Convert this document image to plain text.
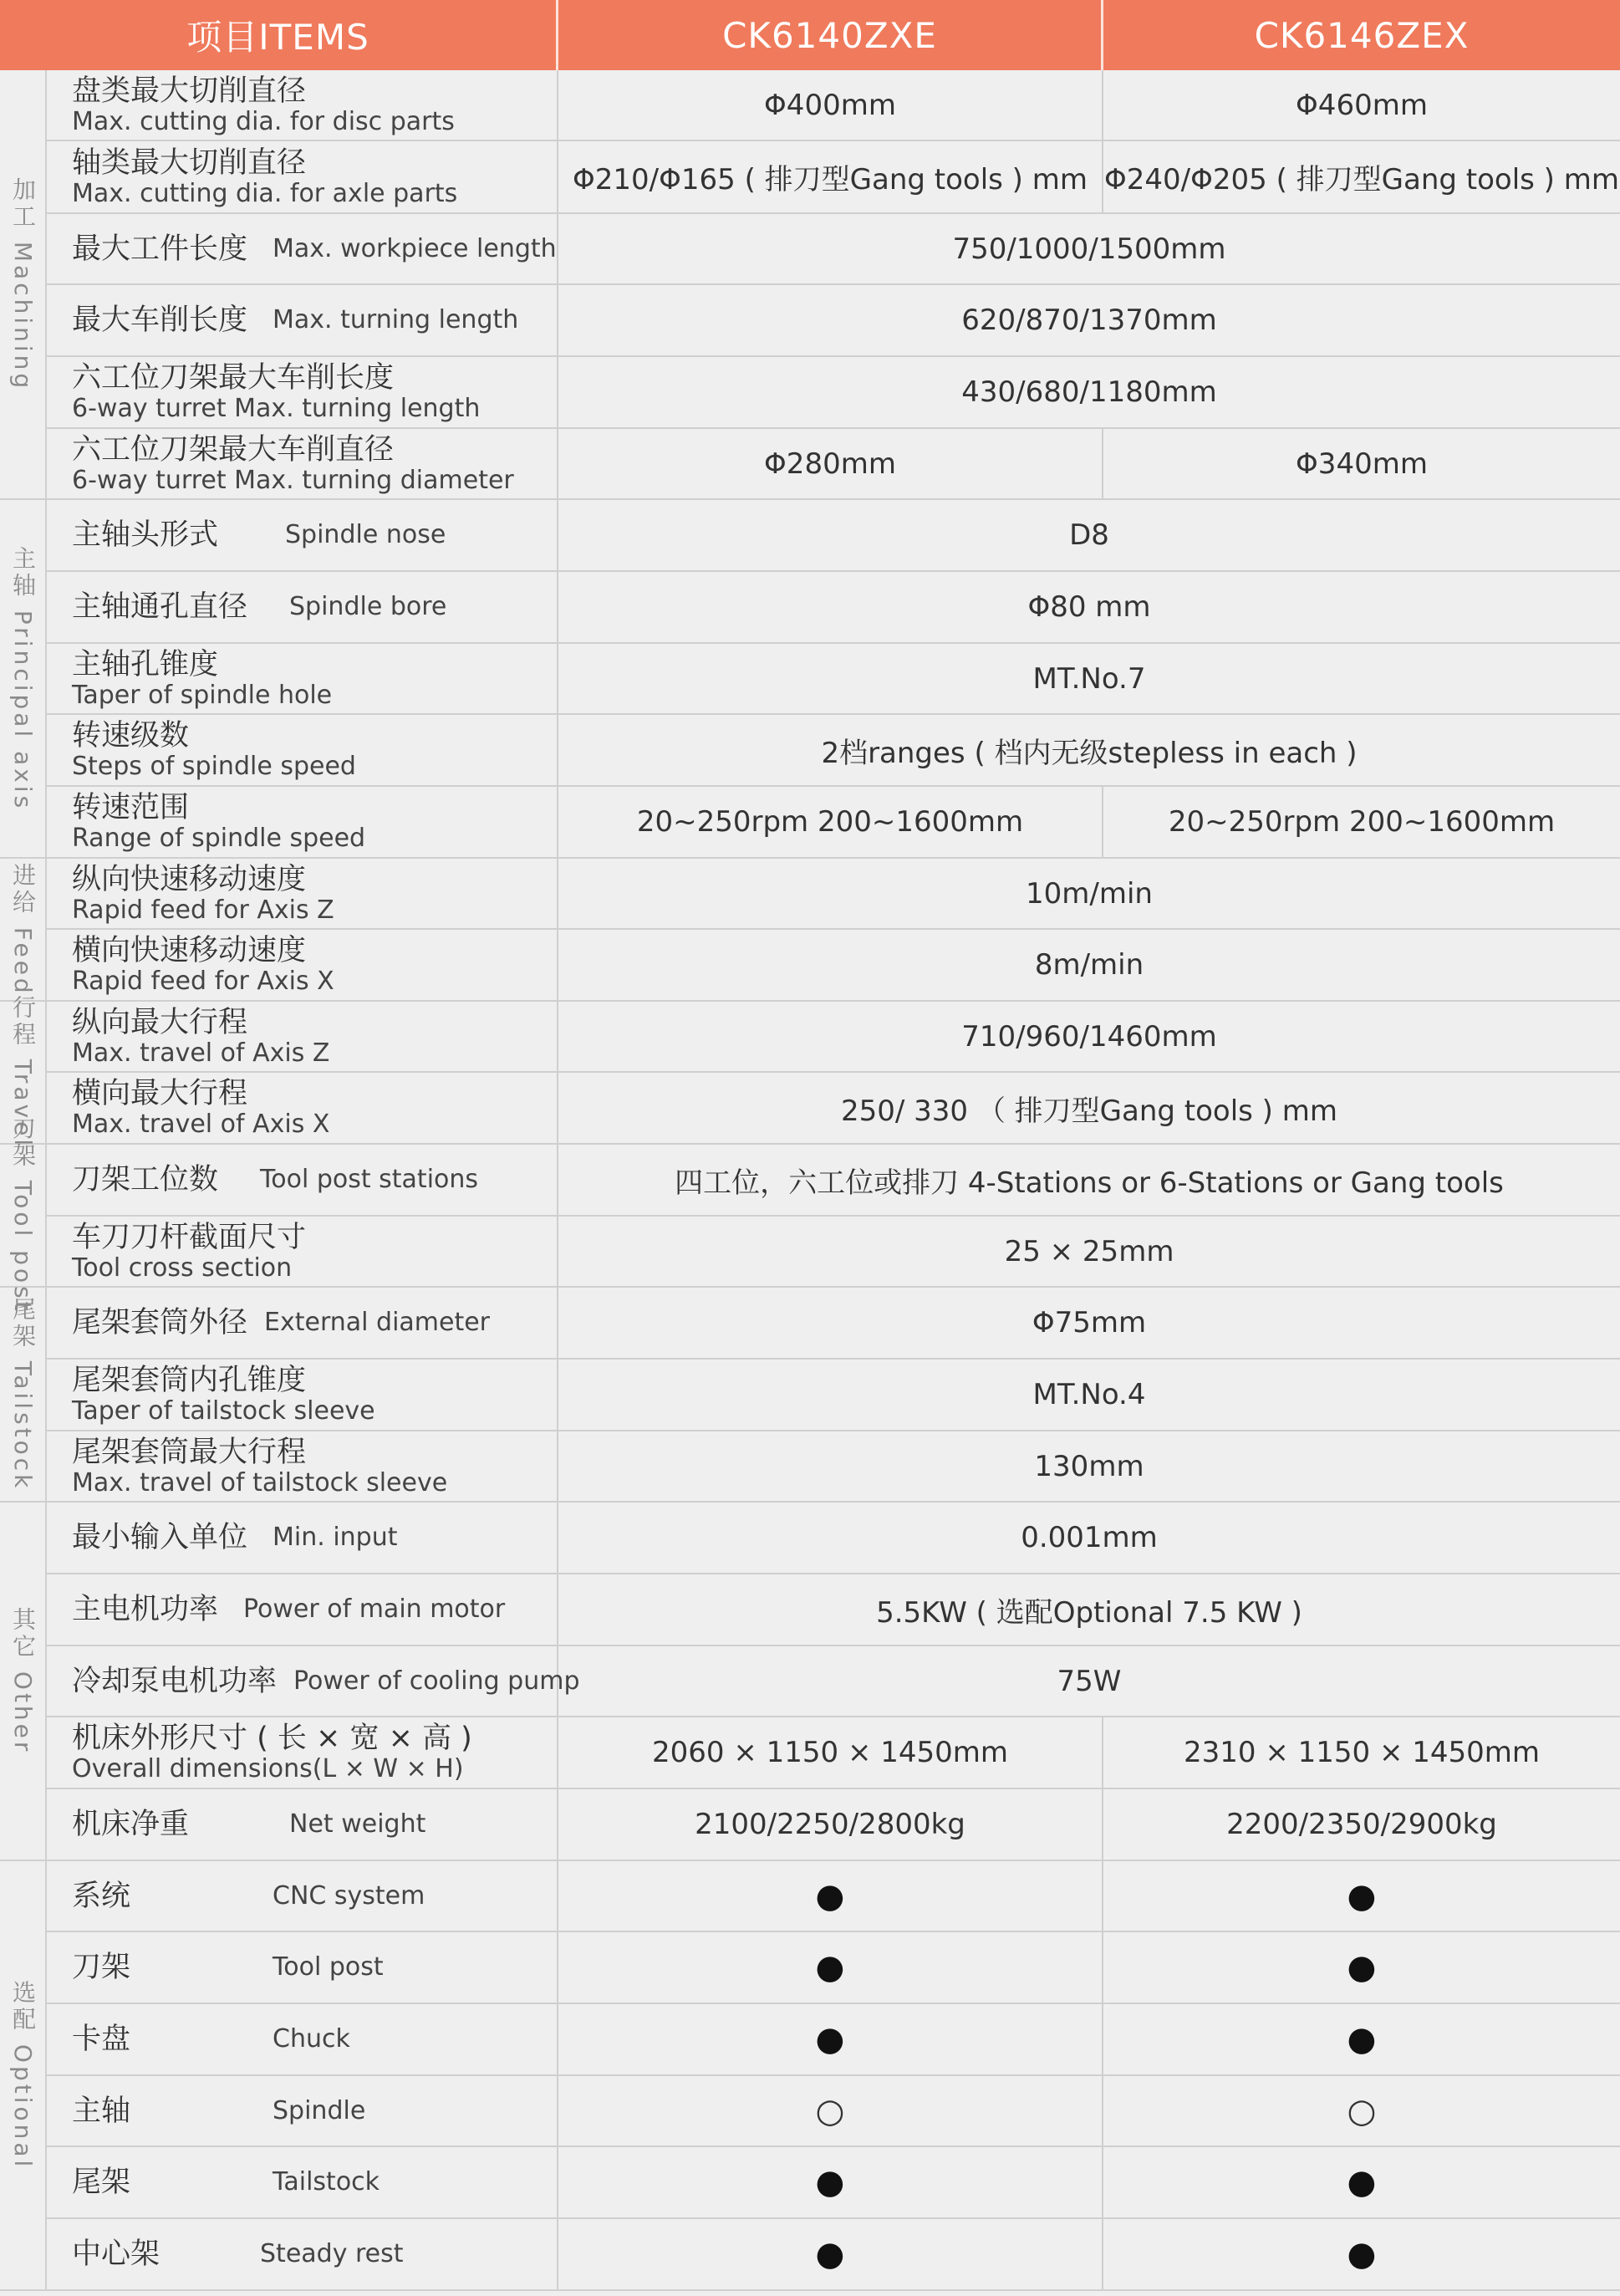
项目ITEMS	CK6140ZXE	CK6146ZEX
加工 Machining
主轴 Principal axis
进给 Feed
行程 Travel
刀架 Tool post
尾架 Tailstock
其它 Other
选配 Optional
盘类最大切削直径
Max. cutting dia. for disc parts	Φ400mm	Φ460mm
轴类最大切削直径
Max. cutting dia. for axle parts	Φ210/Φ165 ( 排刀型Gang tools ) mm Φ240/Φ205 ( 排刀型Gang tools ) mm
最大工件长度 Max. workpiece length	750/1000/1500mm
最大车削长度 Max. turning length	620/870/1370mm
六工位刀架最大车削长度
6-way turret Max. turning length	430/680/1180mm
六工位刀架最大车削直径
6-way turret Max. turning diameter	Φ280mm	Φ340mm
主轴头形式	Spindle nose	D8
主轴通孔直径 Spindle bore	Φ80 mm
主轴孔锥度
Taper of spindle hole	MT.No.7
转速级数
Steps of spindle speed	2档ranges ( 档内无级stepless in each )
转速范围
Range of spindle speed	20~250rpm 200~1600mm	20~250rpm 200~1600mm
纵向快速移动速度
Rapid feed for Axis Z	10m/min
横向快速移动速度
Rapid feed for Axis X	8m/min
纵向最大行程
Max. travel of Axis Z	710/960/1460mm
横向最大行程
Max. travel of Axis X	250/ 330 （ 排刀型Gang tools ) mm
刀架工位数 Tool post stations	四工位，六工位或排刀 4-Stations or 6-Stations or Gang tools
车刀刀杆截面尺寸
Tool cross section	25 × 25mm
尾架套筒外径 External diameter	Φ75mm
尾架套筒内孔锥度
Taper of tailstock sleeve	MT.No.4
尾架套筒最大行程
Max. travel of tailstock sleeve	130mm
最小输入单位 Min. input	0.001mm
主电机功率 Power of main motor	5.5KW ( 选配Optional 7.5 KW )
冷却泵电机功率 Power of cooling pump	75W
机床外形尺寸 ( 长 × 宽 × 高 )
Overall dimensions(L × W × H)	2060 × 1150 × 1450mm	2310 × 1150 × 1450mm
机床净重	Net weight	2100/2250/2800kg	2200/2350/2900kg
系统	CNC system	●	●
刀架	Tool post	●	●
卡盘	Chuck	●	●
主轴	Spindle	○	○
尾架	Tailstock	●	●
中心架	Steady rest	●	●
